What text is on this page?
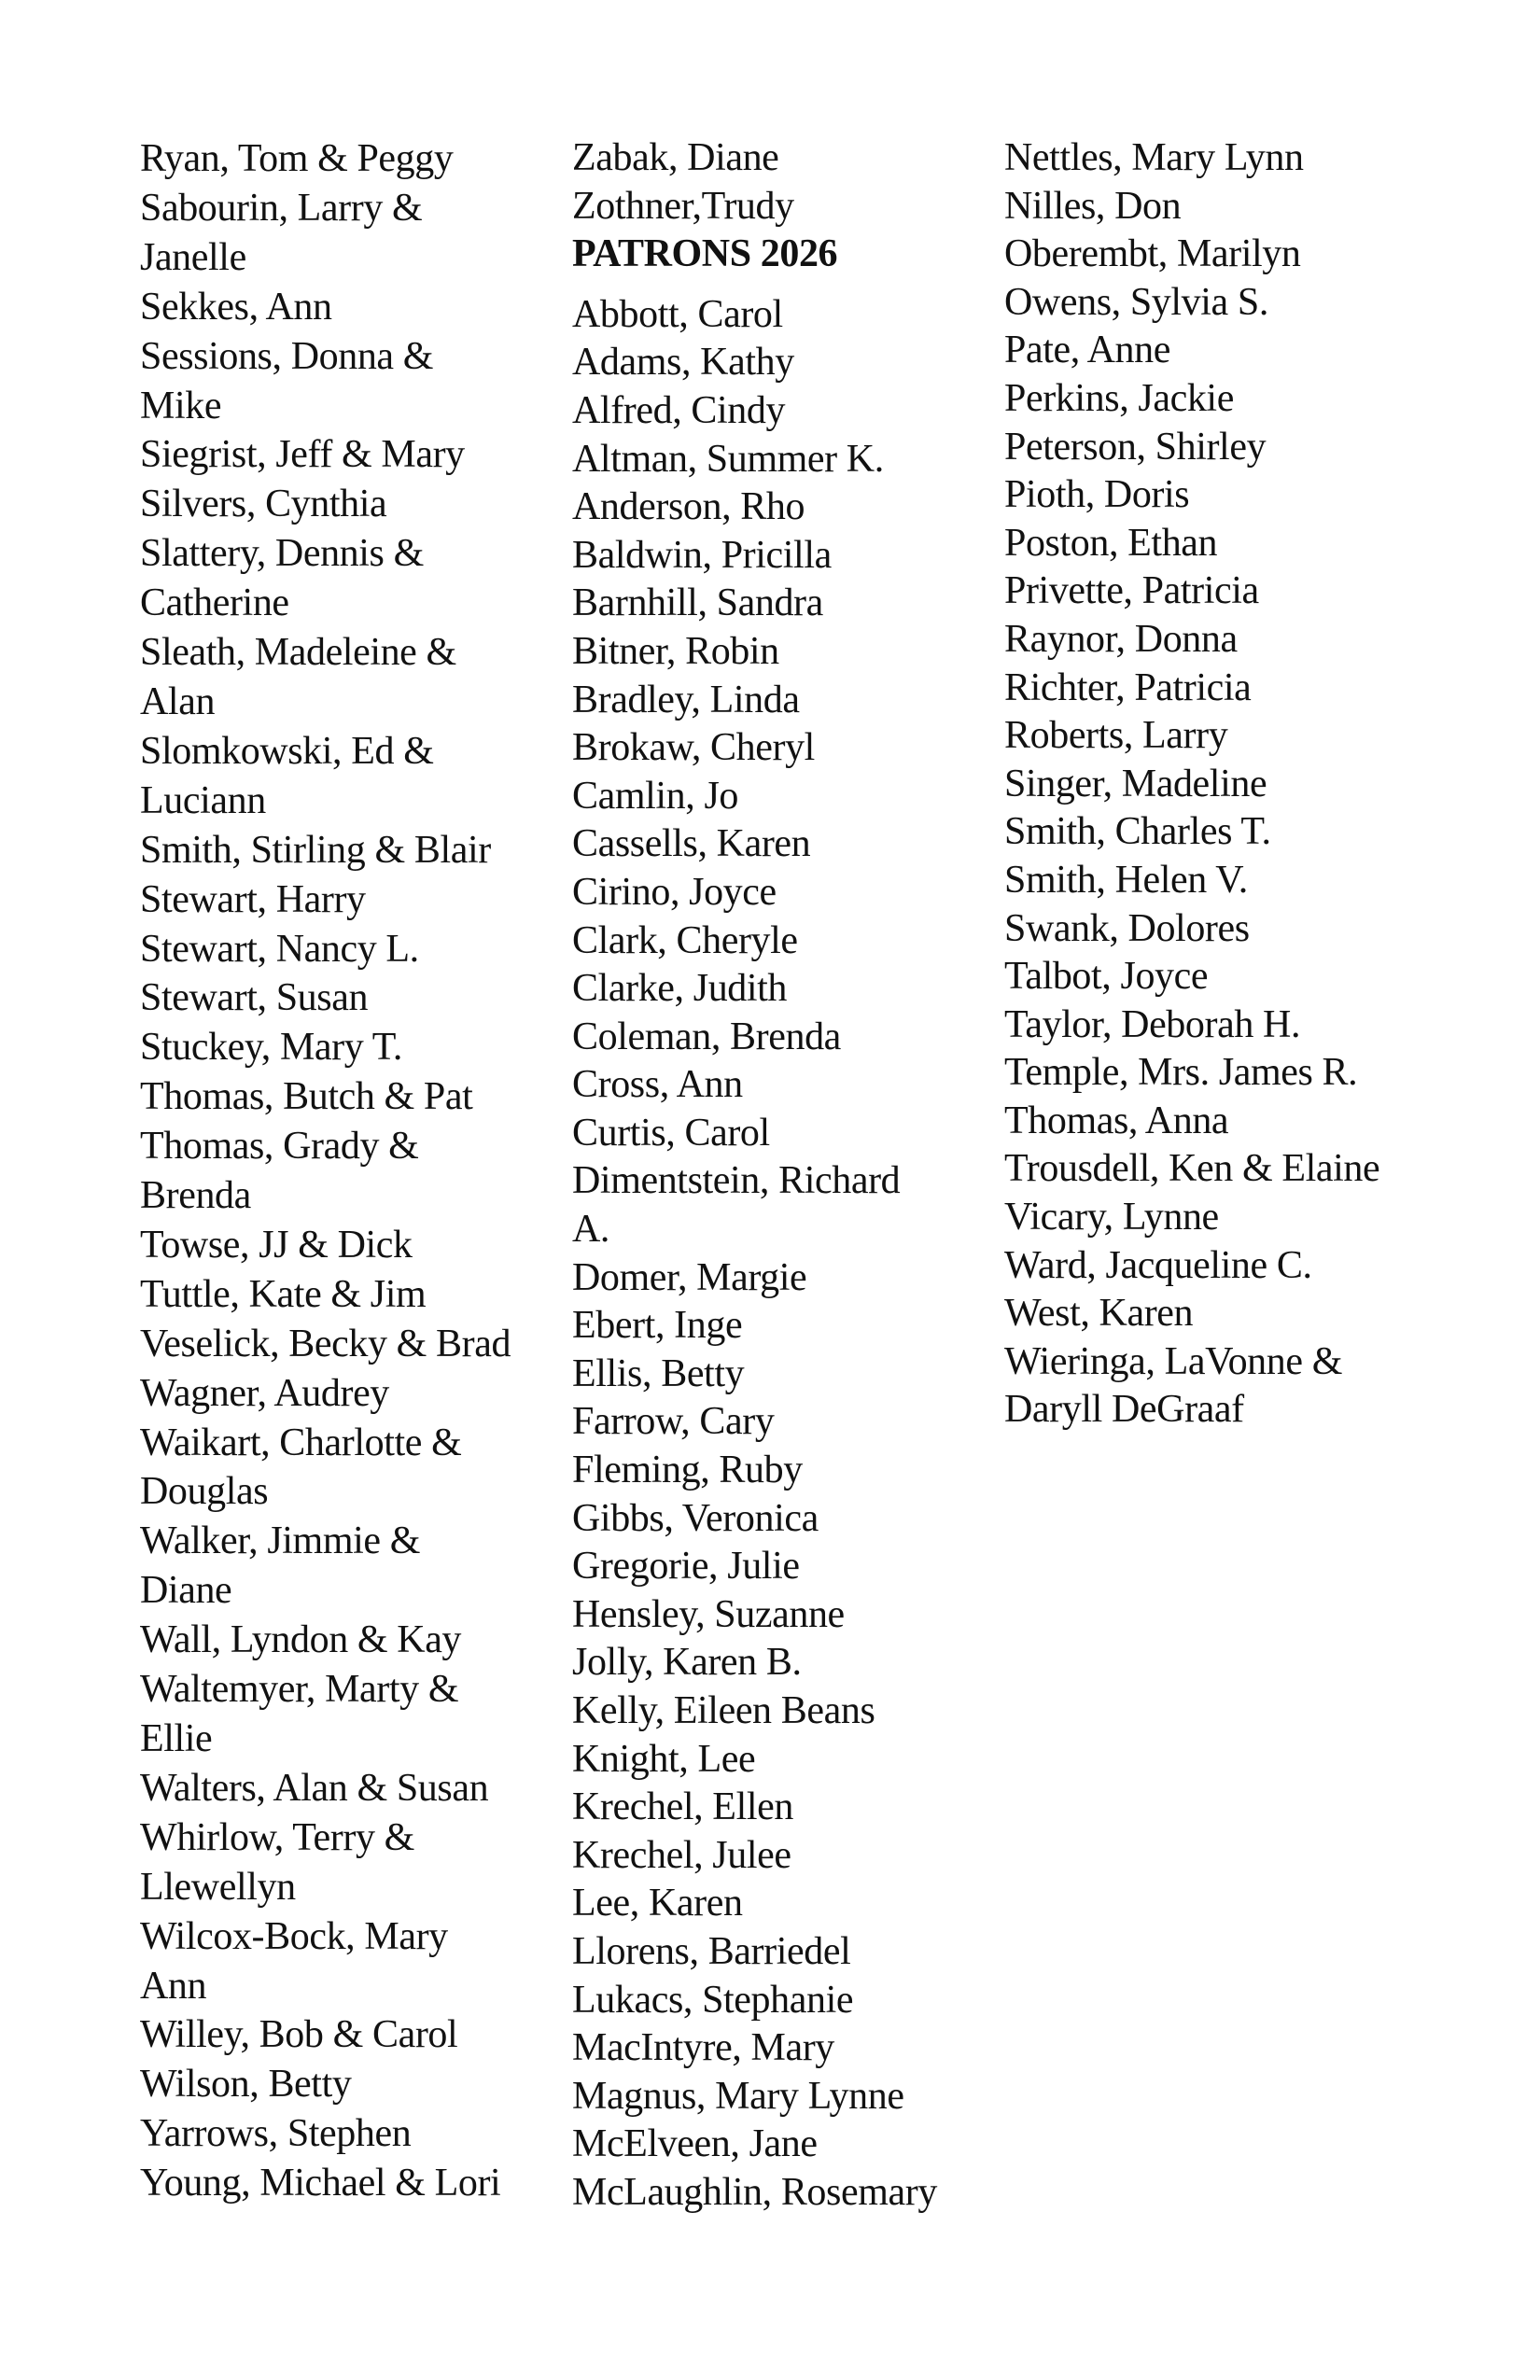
Ryan, Tom & Peggy
Sabourin, Larry &
Janelle
Sekkes, Ann
Sessions, Donna &
Mike
Siegrist, Jeff & Mary
Silvers, Cynthia
Slattery, Dennis &
Catherine
Sleath, Madeleine &
Alan
Slomkowski, Ed &
Luciann
Smith, Stirling & Blair
Stewart, Harry
Stewart, Nancy L.
Stewart, Susan
Stuckey, Mary T.
Thomas, Butch & Pat
Thomas, Grady &
Brenda
Towse, JJ & Dick
Tuttle, Kate & Jim
Veselick, Becky & Brad
Wagner, Audrey
Waikart, Charlotte &
Douglas
Walker, Jimmie &
Diane
Wall, Lyndon & Kay
Waltemyer, Marty &
Ellie
Walters, Alan & Susan
Whirlow, Terry &
Llewellyn
Wilcox-Bock, Mary
Ann
Willey, Bob & Carol
Wilson, Betty
Yarrows, Stephen
Young, Michael & Lori
Zabak, Diane
Zothner,Trudy
PATRONS 2026
Abbott, Carol
Adams, Kathy
Alfred, Cindy
Altman, Summer K.
Anderson, Rho
Baldwin, Pricilla
Barnhill, Sandra
Bitner, Robin
Bradley, Linda
Brokaw, Cheryl
Camlin, Jo
Cassells, Karen
Cirino, Joyce
Clark, Cheryle
Clarke, Judith
Coleman, Brenda
Cross, Ann
Curtis, Carol
Dimentstein, Richard
A.
Domer, Margie
Ebert, Inge
Ellis, Betty
Farrow, Cary
Fleming, Ruby
Gibbs, Veronica
Gregorie, Julie
Hensley, Suzanne
Jolly, Karen B.
Kelly, Eileen Beans
Knight, Lee
Krechel, Ellen
Krechel, Julee
Lee, Karen
Llorens, Barriedel
Lukacs, Stephanie
MacIntyre, Mary
Magnus, Mary Lynne
McElveen, Jane
McLaughlin, Rosemary
Nettles, Mary Lynn
Nilles, Don
Oberembt, Marilyn
Owens, Sylvia S.
Pate, Anne
Perkins, Jackie
Peterson, Shirley
Pioth, Doris
Poston, Ethan
Privette, Patricia
Raynor, Donna
Richter, Patricia
Roberts, Larry
Singer, Madeline
Smith, Charles T.
Smith, Helen V.
Swank, Dolores
Talbot, Joyce
Taylor, Deborah H.
Temple, Mrs. James R.
Thomas, Anna
Trousdell, Ken & Elaine
Vicary, Lynne
Ward, Jacqueline C.
West, Karen
Wieringa, LaVonne &
Daryll DeGraaf
